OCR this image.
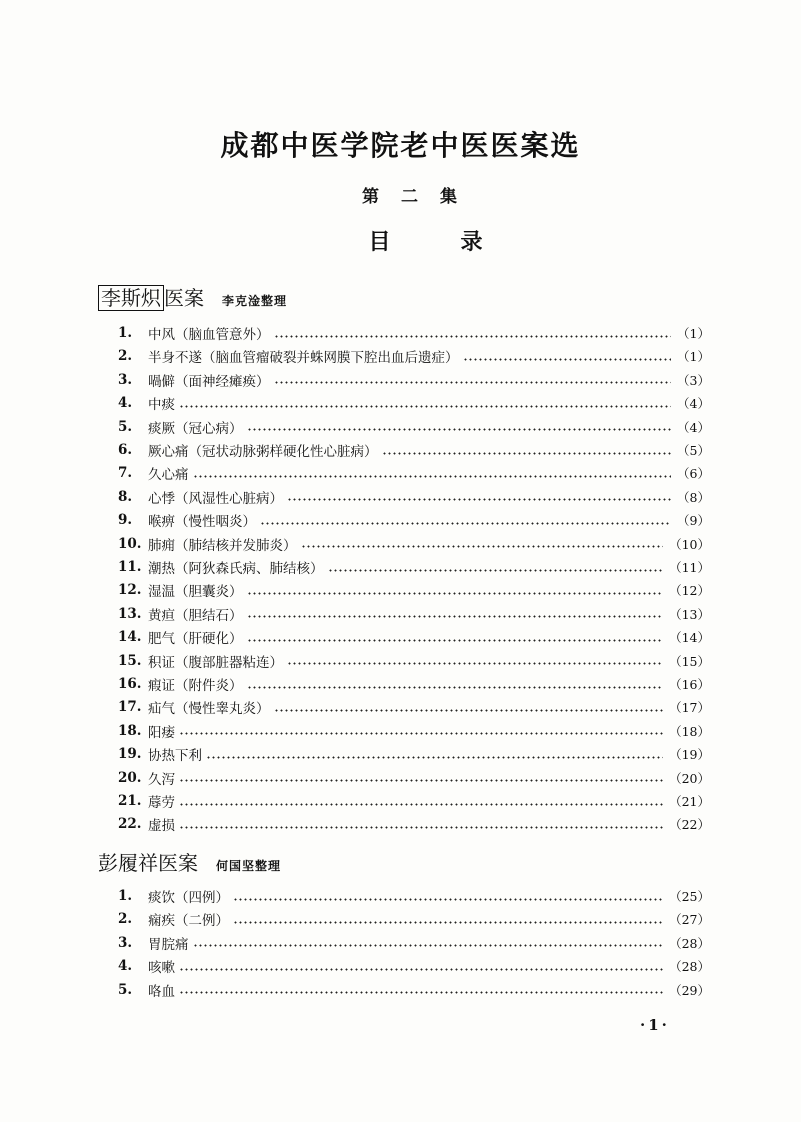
成都中医学院老中医医案选
第二集
目录
李斯炽 医案 李克淦整理
彭履祥医案 何国坚整理
1.	中风（脑血管意外）	（1）
2.	半身不遂（脑血管瘤破裂并蛛网膜下腔出血后遗症）	（1）
3.	喎僻（面神经瘫痪）	（3）
4.	中痰	（4）
5.	痰厥（冠心病）	（4）
6.	厥心痛（冠状动脉粥样硬化性心脏病）	（5）
7.	久心痛	（6）
8.	心悸（风湿性心脏病）	（8）
9.	喉痹（慢性咽炎）	（9）
10. 肺痈（肺结核并发肺炎）	（10）
11. 潮热（阿狄森氏病、肺结核）	（11）
12. 湿温（胆囊炎）	（12）
13. 黄疸（胆结石）	（13）
14. 肥气（肝硬化）	（14）
15. 积证（腹部脏器粘连）	（15）
16. 瘕证（附件炎）	（16）
17. 疝气（慢性睾丸炎）	（17）
18. 阳痿	（18）
19. 协热下利	（19）
20. 久泻	（20）
21. 蓐劳	（21）
22. 虚损	（22）
1.	痰饮（四例）	（25）
2.	痫疾（二例）	（27）
3.	胃脘痛	（28）
4.	咳嗽	（28）
5.	咯血	（29）
·1·
